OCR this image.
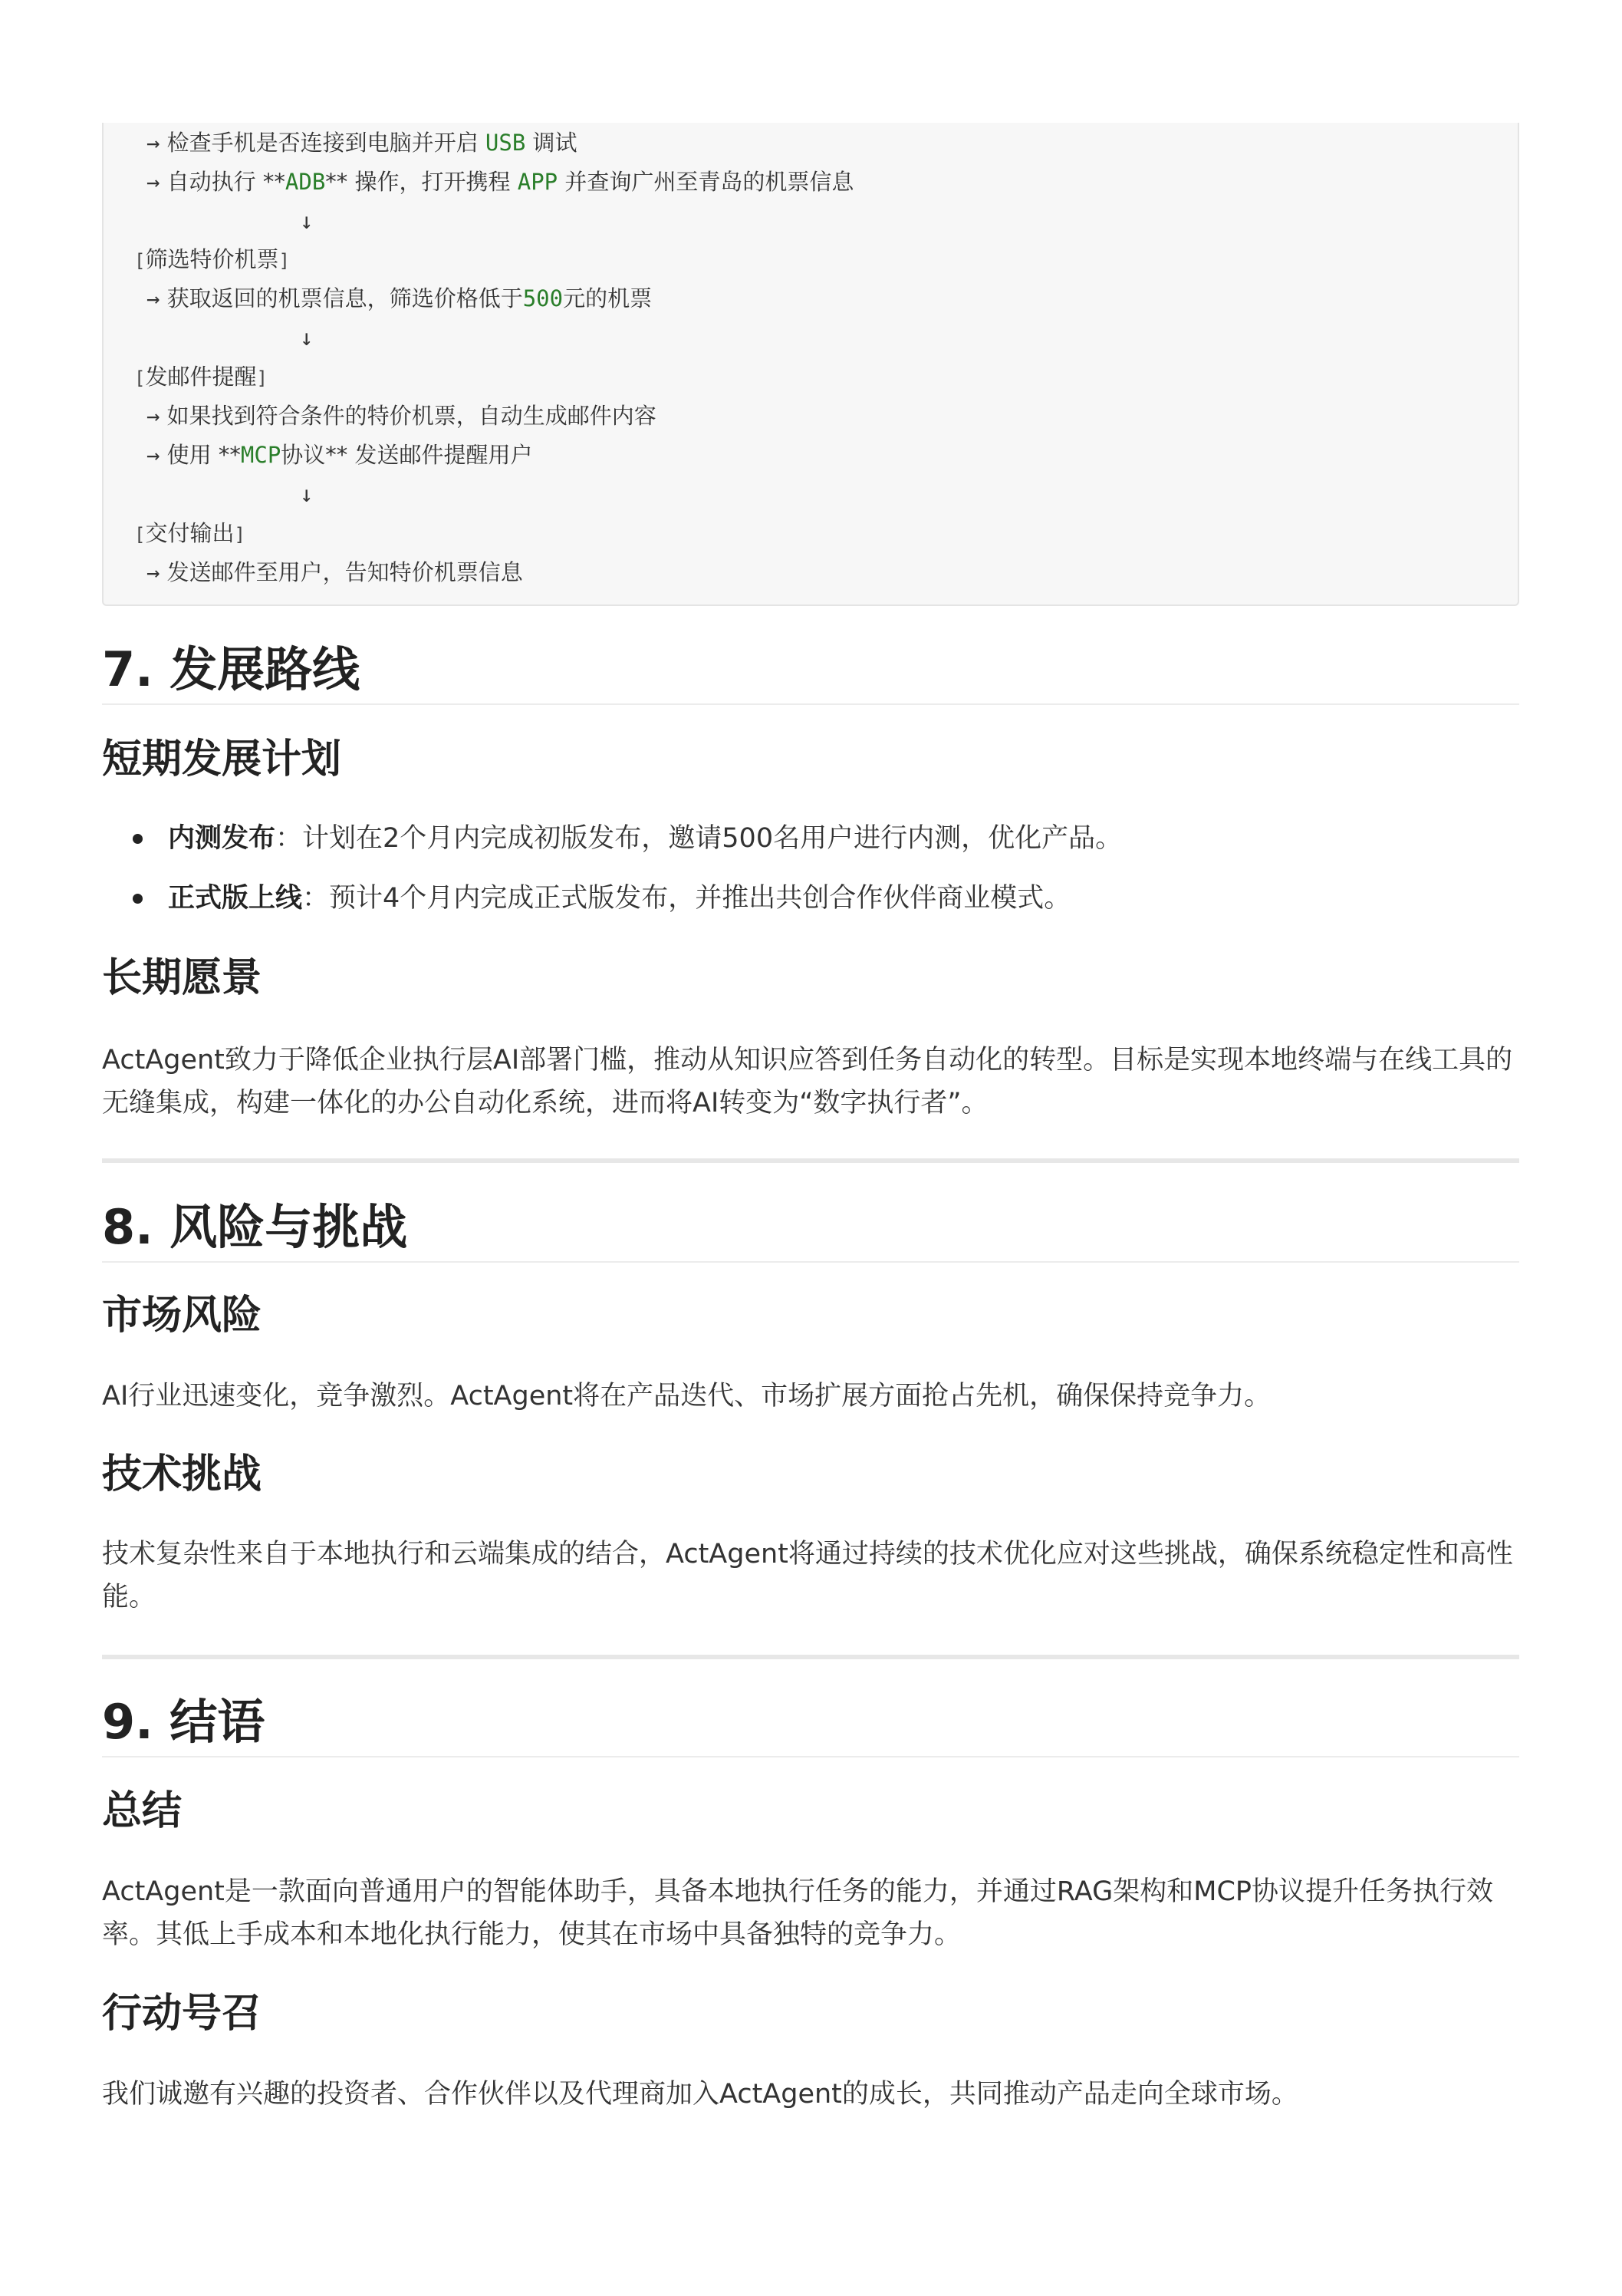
→ 检查手机是否连接到电脑并开启 USB 调试
→ 自动执行 **ADB** 操作，打开携程 APP 并查询广州至青岛的机票信息
↓
[筛选特价机票]
→ 获取返回的机票信息，筛选价格低于500元的机票
↓
[发邮件提醒]
→ 如果找到符合条件的特价机票，自动生成邮件内容
→ 使用 **MCP协议** 发送邮件提醒用户
↓
[交付输出]
→ 发送邮件至用户，告知特价机票信息
7. 发展路线
短期发展计划
内测发布：计划在2个月内完成初版发布，邀请500名用户进行内测，优化产品。
正式版上线：预计4个月内完成正式版发布，并推出共创合作伙伴商业模式。
长期愿景

ActAgent致力于降低企业执行层AI部署门槛，推动从知识应答到任务自动化的转型。目标是实现本地终端与在线工具的无缝集成，构建一体化的办公自动化系统，进而将AI转变为“数字执行者”。

8. 风险与挑战
市场风险

AI行业迅速变化，竞争激烈。ActAgent将在产品迭代、市场扩展方面抢占先机，确保保持竞争力。

技术挑战

技术复杂性来自于本地执行和云端集成的结合，ActAgent将通过持续的技术优化应对这些挑战，确保系统稳定性和高性能。

9. 结语
总结

ActAgent是一款面向普通用户的智能体助手，具备本地执行任务的能力，并通过RAG架构和MCP协议提升任务执行效率。其低上手成本和本地化执行能力，使其在市场中具备独特的竞争力。

行动号召

我们诚邀有兴趣的投资者、合作伙伴以及代理商加入ActAgent的成长，共同推动产品走向全球市场。
